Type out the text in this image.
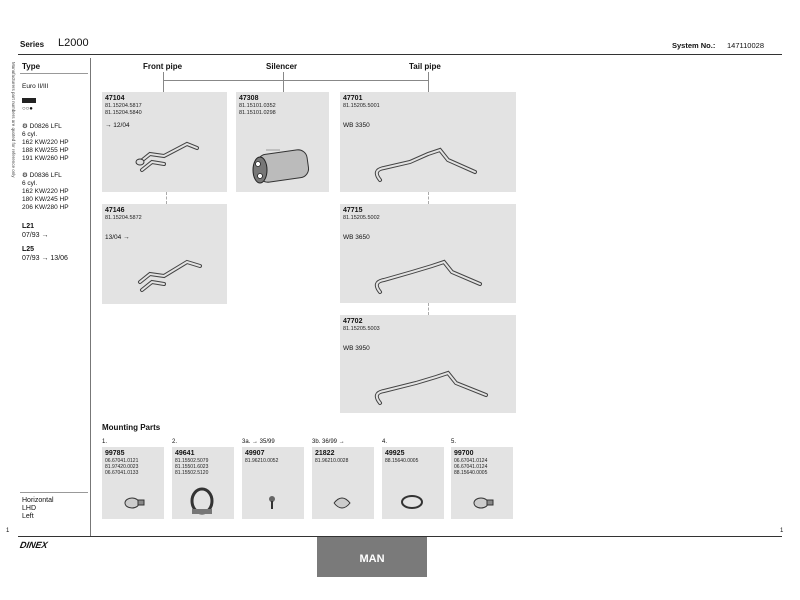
Series L2000	System No.: 147110028
Manufacturers part numbers are quoted for reference only Type
Euro II/III
○○●
⚙ D0826 LFL
6 cyl.
162 KW/220 HP
188 KW/255 HP
191 KW/260 HP
⚙ D0836 LFL
6 cyl.
162 KW/220 HP
180 KW/245 HP
206 KW/280 HP
L21
07/93 →
L25
07/93 → 13/06
Horizontal
LHD
Left
Front pipe	Silencer	Tail pipe
47104
81.15204.5817
81.15204.5840
→ 12/04
47146
81.15204.5872
13/04 →
47308
81.15101.0352
81.15101.0298
47701
81.15205.5001
WB 3350
47715
81.15205.5002
WB 3650
47702
81.15205.5003
WB 3950
Mounting Parts
1.
99785
06.67041.0121
81.97420.0023
06.67041.0133
2.
49641
81.15502.5079
81.15501.6023
81.15502.5120
3a. → 35/99
49907
81.96210.0052
3b. 36/99 →
21822
81.96210.0028
4.
49925
88.15640.0005
5.
99700
06.67041.0124
06.67041.0124
88.15640.0005
1	1
DINEX
MAN
